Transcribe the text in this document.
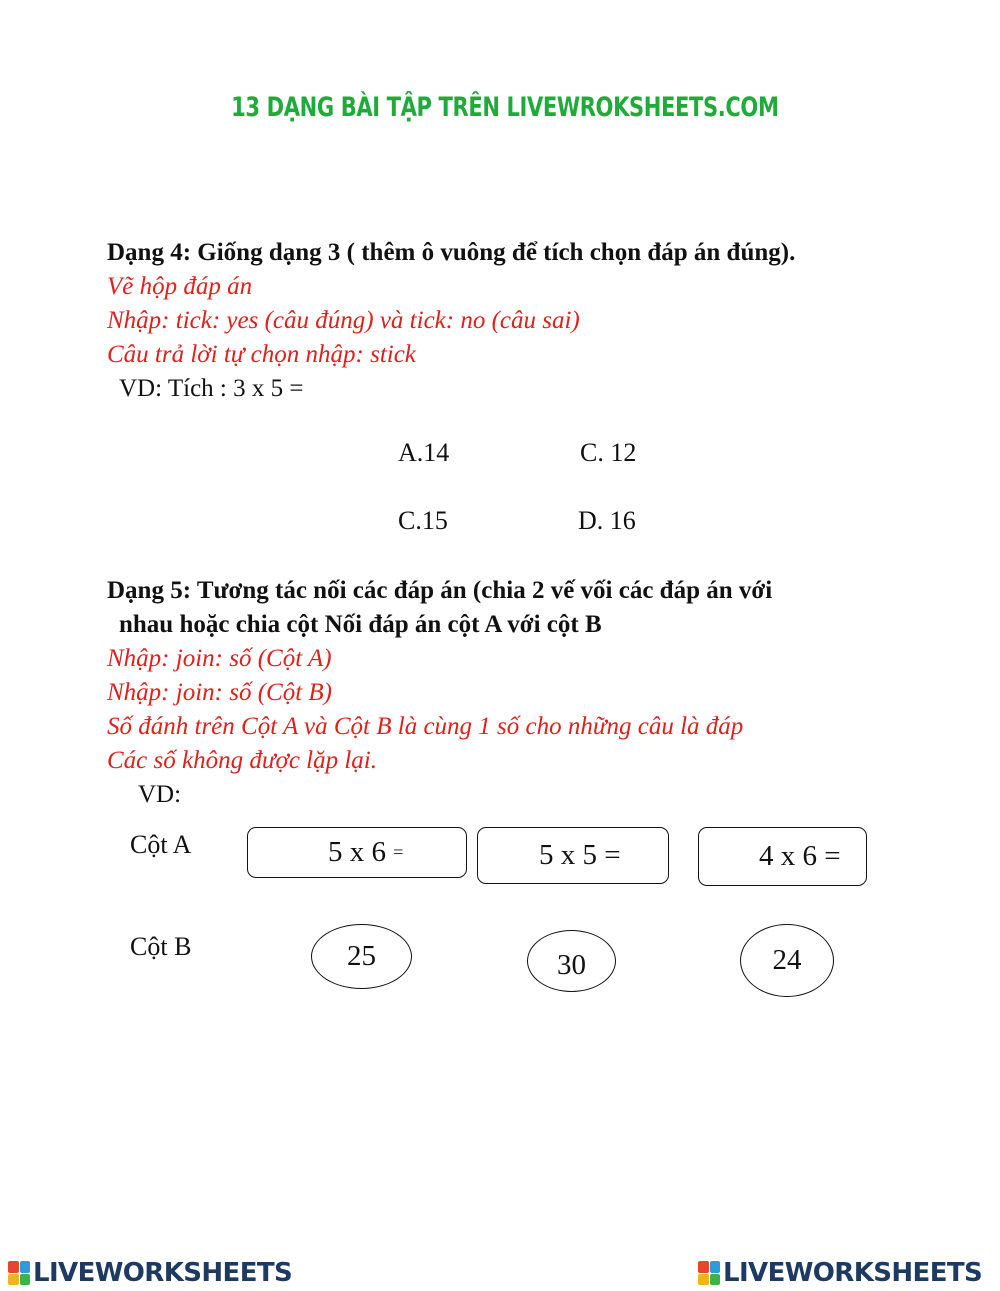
13 DẠNG BÀI TẬP TRÊN LIVEWROKSHEETS.COM
Dạng 4: Giống dạng 3 ( thêm ô vuông để tích chọn đáp án đúng).
Vẽ hộp đáp án
Nhập: tick: yes (câu đúng) và tick: no (câu sai)
Câu trả lời tự chọn nhập: stick
VD: Tích : 3 x 5 =
A.14	C. 12
C.15	D. 16
Dạng 5: Tương tác nối các đáp án (chia 2 vế vối các đáp án với
nhau hoặc chia cột Nối đáp án cột A với cột B
Nhập: join: số (Cột A)
Nhập: join: số (Cột B)
Số đánh trên Cột A và Cột B là cùng 1 số cho những câu là đáp
Các số không được lặp lại.
VD:
Cột A
Cột B
5 x 6
=	5 x 5 =	4 x 6 =
25	30	24
LIVEWORKSHEETS	LIVEWORKSHEETS
